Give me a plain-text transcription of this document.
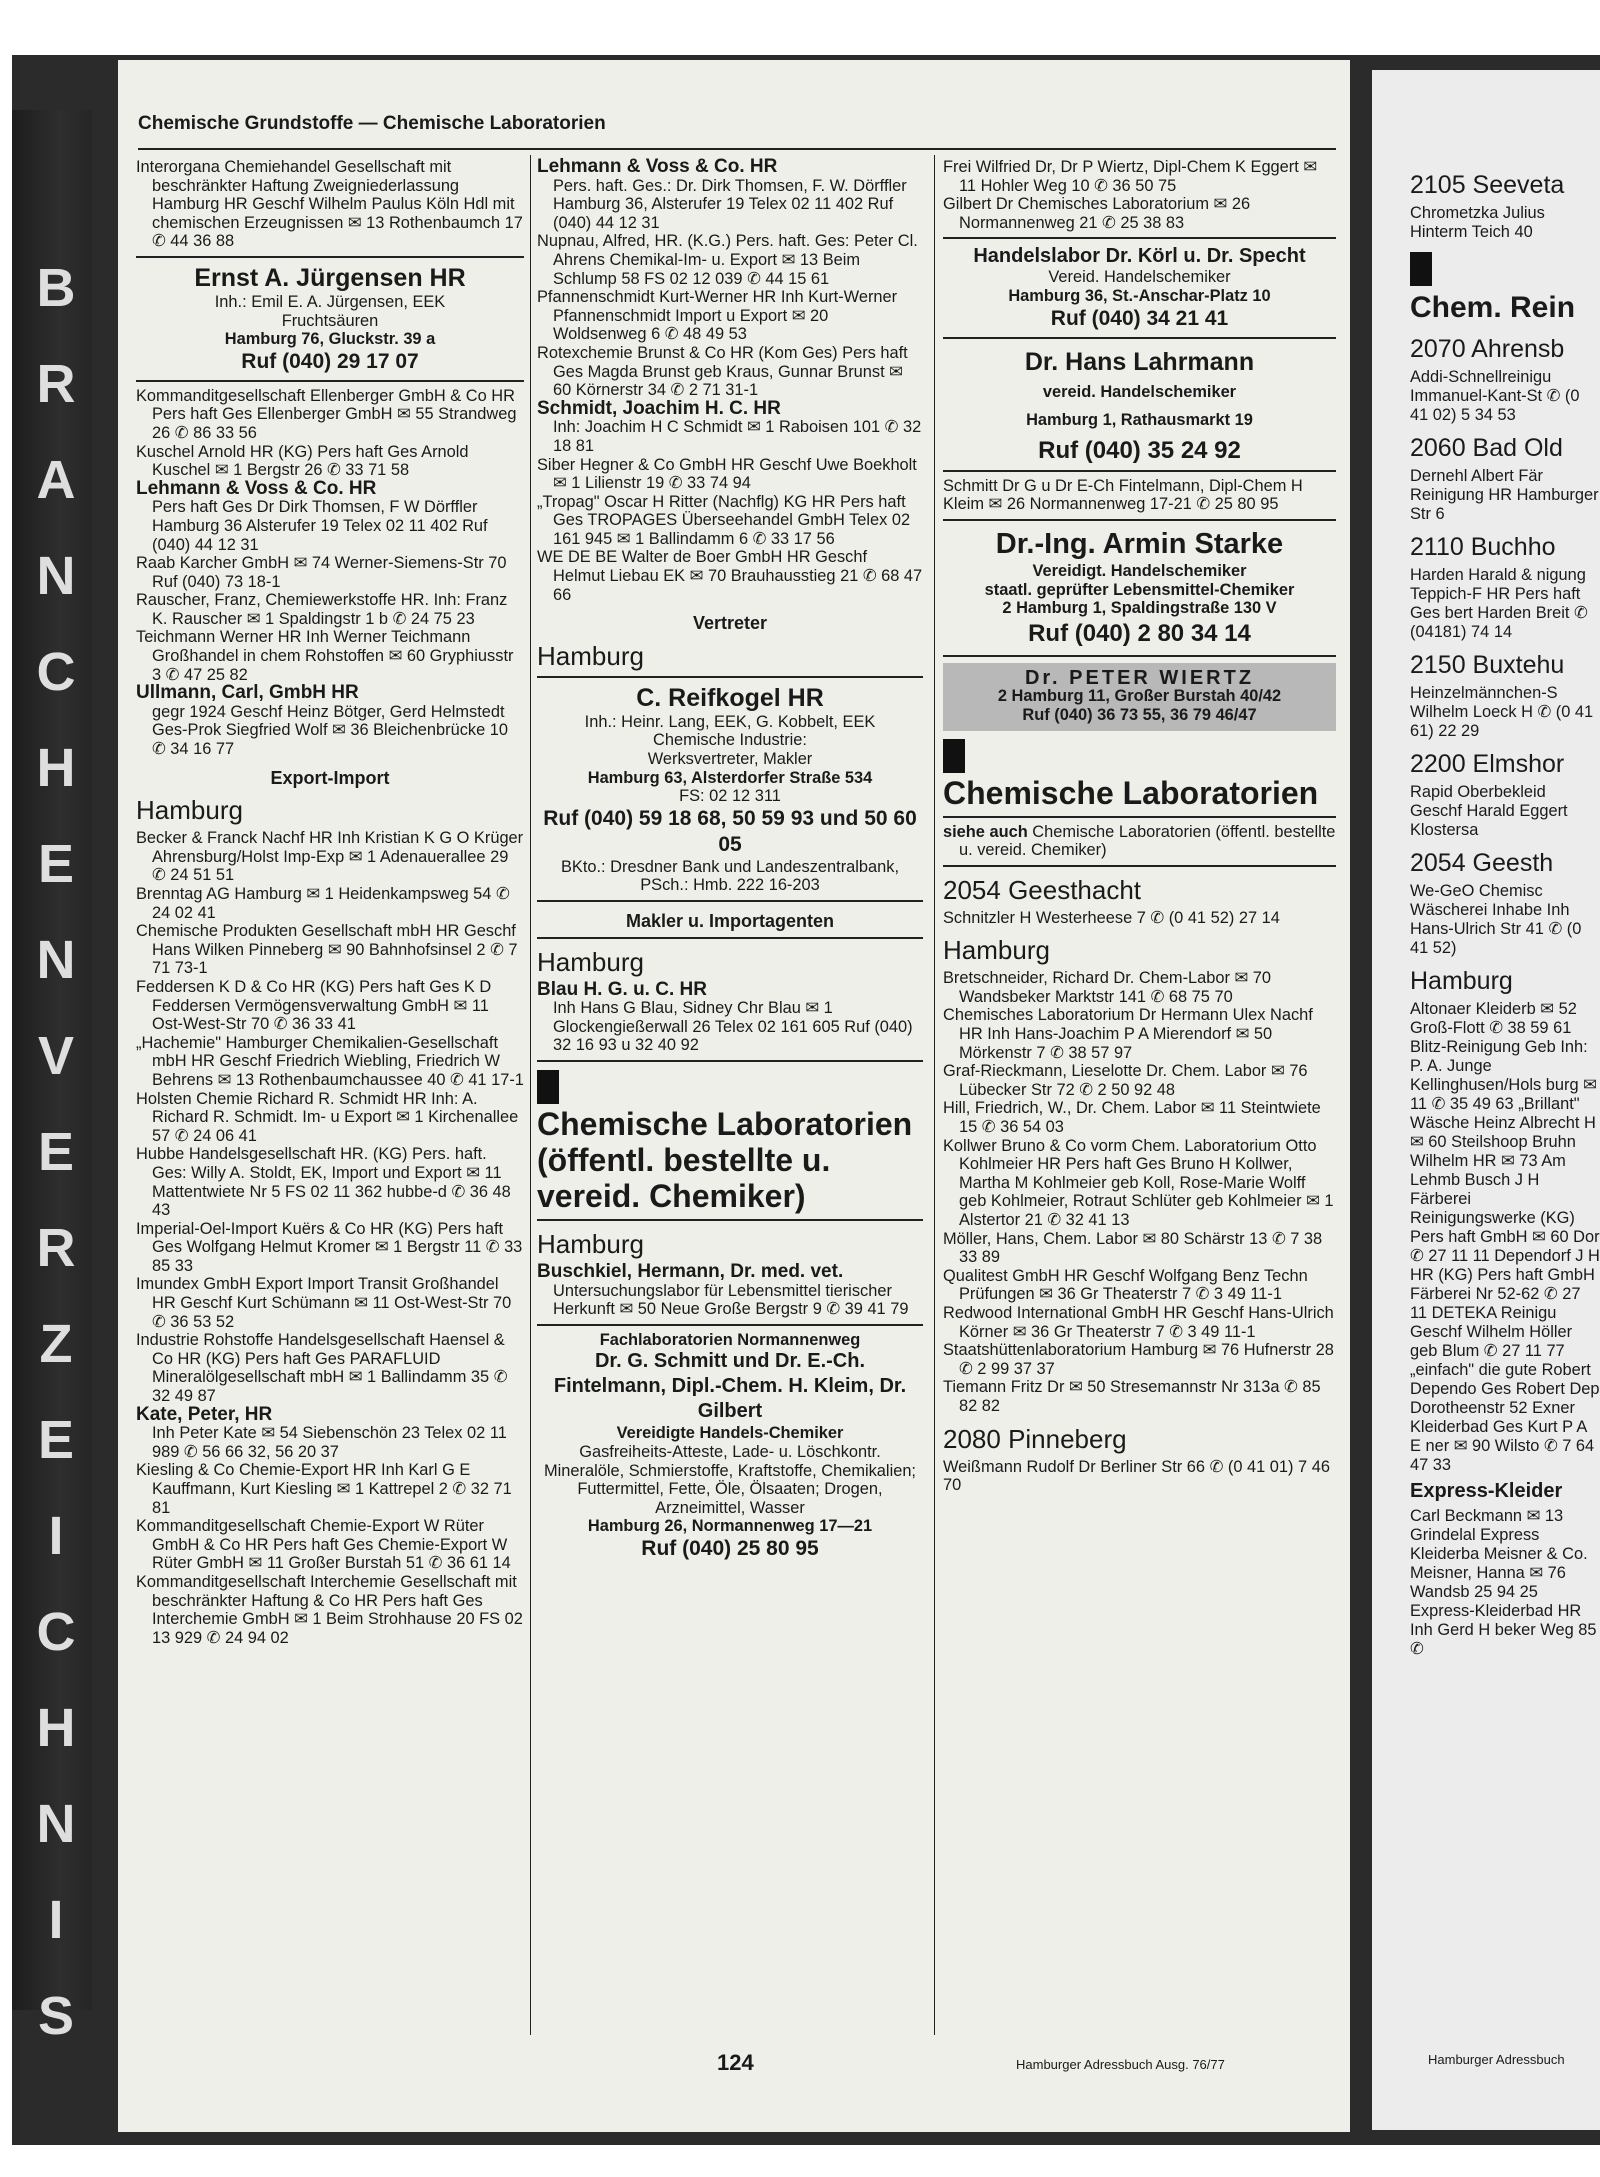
BRANCHENVERZEICHNIS
2105 Seeveta
Chrometzka Julius Hinterm Teich 40
Chem. Rein
2070 Ahrensb
Addi-Schnellreinigu Immanuel-Kant-St ✆ (0 41 02) 5 34 53
2060 Bad Old
Dernehl Albert Fär Reinigung HR Hamburger Str 6
2110 Buchho
Harden Harald & nigung Teppich-F HR Pers haft Ges bert Harden Breit ✆ (04181) 74 14
2150 Buxtehu
Heinzelmännchen-S Wilhelm Loeck H ✆ (0 41 61) 22 29
2200 Elmshor
Rapid Oberbekleid Geschf Harald Eggert Klostersa
2054 Geesth
We-GeO Chemisc Wäscherei Inhabe Inh Hans-Ulrich Str 41 ✆ (0 41 52)
Hamburg
Altonaer Kleiderb ✉ 52 Groß-Flott ✆ 38 59 61 Blitz-Reinigung Geb Inh: P. A. Junge Kellinghusen/Hols burg ✉ 11 ✆ 35 49 63 „Brillant" Wäsche Heinz Albrecht H ✉ 60 Steilshoop Bruhn Wilhelm HR ✉ 73 Am Lehmb Busch J H Färberei Reinigungswerke (KG) Pers haft GmbH ✉ 60 Dor ✆ 27 11 11 Dependorf J H HR (KG) Pers haft GmbH Färberei Nr 52-62 ✆ 27 11 DETEKA Reinigu Geschf Wilhelm Höller geb Blum ✆ 27 11 77 „einfach" die gute Robert Dependo Ges Robert Dep Dorotheenstr 52 Exner Kleiderbad Ges Kurt P A E ner ✉ 90 Wilsto ✆ 7 64 47 33
Express-Kleider
Carl Beckmann ✉ 13 Grindelal Express Kleiderba Meisner & Co. Meisner, Hanna ✉ 76 Wandsb 25 94 25 Express-Kleiderbad HR Inh Gerd H beker Weg 85 ✆
Hamburger Adressbuch
Chemische Grundstoffe — Chemische Laboratorien
Interorgana Chemiehandel Gesellschaft mit beschränkter Haftung Zweigniederlassung Hamburg HR Geschf Wilhelm Paulus Köln Hdl mit chemischen Erzeugnissen ✉ 13 Rothenbaumch 17 ✆ 44 36 88
Ernst A. Jürgensen HR
Inh.: Emil E. A. Jürgensen, EEK
Fruchtsäuren
Hamburg 76, Gluckstr. 39 a
Ruf (040) 29 17 07
Kommanditgesellschaft Ellenberger GmbH & Co HR Pers haft Ges Ellenberger GmbH ✉ 55 Strandweg 26 ✆ 86 33 56
Kuschel Arnold HR (KG) Pers haft Ges Arnold Kuschel ✉ 1 Bergstr 26 ✆ 33 71 58
Lehmann & Voss & Co. HR
Pers haft Ges Dr Dirk Thomsen, F W Dörffler Hamburg 36 Alsterufer 19 Telex 02 11 402 Ruf (040) 44 12 31
Raab Karcher GmbH ✉ 74 Werner-Siemens-Str 70 Ruf (040) 73 18-1
Rauscher, Franz, Chemiewerkstoffe HR. Inh: Franz K. Rauscher ✉ 1 Spaldingstr 1 b ✆ 24 75 23
Teichmann Werner HR Inh Werner Teichmann Großhandel in chem Rohstoffen ✉ 60 Gryphiusstr 3 ✆ 47 25 82
Ullmann, Carl, GmbH HR
gegr 1924 Geschf Heinz Bötger, Gerd Helmstedt Ges-Prok Siegfried Wolf ✉ 36 Bleichenbrücke 10 ✆ 34 16 77
Export-Import
Hamburg
Becker & Franck Nachf HR Inh Kristian K G O Krüger Ahrensburg/Holst Imp-Exp ✉ 1 Adenauerallee 29 ✆ 24 51 51
Brenntag AG Hamburg ✉ 1 Heidenkampsweg 54 ✆ 24 02 41
Chemische Produkten Gesellschaft mbH HR Geschf Hans Wilken Pinneberg ✉ 90 Bahnhofsinsel 2 ✆ 7 71 73-1
Feddersen K D & Co HR (KG) Pers haft Ges K D Feddersen Vermögensverwaltung GmbH ✉ 11 Ost-West-Str 70 ✆ 36 33 41
„Hachemie" Hamburger Chemikalien-Gesellschaft mbH HR Geschf Friedrich Wiebling, Friedrich W Behrens ✉ 13 Rothenbaumchaussee 40 ✆ 41 17-1
Holsten Chemie Richard R. Schmidt HR Inh: A. Richard R. Schmidt. Im- u Export ✉ 1 Kirchenallee 57 ✆ 24 06 41
Hubbe Handelsgesellschaft HR. (KG) Pers. haft. Ges: Willy A. Stoldt, EK, Import und Export ✉ 11 Mattentwiete Nr 5 FS 02 11 362 hubbe-d ✆ 36 48 43
Imperial-Oel-Import Kuërs & Co HR (KG) Pers haft Ges Wolfgang Helmut Kromer ✉ 1 Bergstr 11 ✆ 33 85 33
Imundex GmbH Export Import Transit Großhandel HR Geschf Kurt Schümann ✉ 11 Ost-West-Str 70 ✆ 36 53 52
Industrie Rohstoffe Handelsgesellschaft Haensel & Co HR (KG) Pers haft Ges PARAFLUID Mineralölgesellschaft mbH ✉ 1 Ballindamm 35 ✆ 32 49 87
Kate, Peter, HR
Inh Peter Kate ✉ 54 Siebenschön 23 Telex 02 11 989 ✆ 56 66 32, 56 20 37
Kiesling & Co Chemie-Export HR Inh Karl G E Kauffmann, Kurt Kiesling ✉ 1 Kattrepel 2 ✆ 32 71 81
Kommanditgesellschaft Chemie-Export W Rüter GmbH & Co HR Pers haft Ges Chemie-Export W Rüter GmbH ✉ 11 Großer Burstah 51 ✆ 36 61 14
Kommanditgesellschaft Interchemie Gesellschaft mit beschränkter Haftung & Co HR Pers haft Ges Interchemie GmbH ✉ 1 Beim Strohhause 20 FS 02 13 929 ✆ 24 94 02
Lehmann & Voss & Co. HR
Pers. haft. Ges.: Dr. Dirk Thomsen, F. W. Dörffler Hamburg 36, Alsterufer 19 Telex 02 11 402 Ruf (040) 44 12 31
Nupnau, Alfred, HR. (K.G.) Pers. haft. Ges: Peter Cl. Ahrens Chemikal-Im- u. Export ✉ 13 Beim Schlump 58 FS 02 12 039 ✆ 44 15 61
Pfannenschmidt Kurt-Werner HR Inh Kurt-Werner Pfannenschmidt Import u Export ✉ 20 Woldsenweg 6 ✆ 48 49 53
Rotexchemie Brunst & Co HR (Kom Ges) Pers haft Ges Magda Brunst geb Kraus, Gunnar Brunst ✉ 60 Körnerstr 34 ✆ 2 71 31-1
Schmidt, Joachim H. C. HR
Inh: Joachim H C Schmidt ✉ 1 Raboisen 101 ✆ 32 18 81
Siber Hegner & Co GmbH HR Geschf Uwe Boekholt ✉ 1 Lilienstr 19 ✆ 33 74 94
„Tropag" Oscar H Ritter (Nachflg) KG HR Pers haft Ges TROPAGES Überseehandel GmbH Telex 02 161 945 ✉ 1 Ballindamm 6 ✆ 33 17 56
WE DE BE Walter de Boer GmbH HR Geschf Helmut Liebau EK ✉ 70 Brauhausstieg 21 ✆ 68 47 66
Vertreter
Hamburg
C. Reifkogel HR
Inh.: Heinr. Lang, EEK, G. Kobbelt, EEK
Chemische Industrie:
Werksvertreter, Makler
Hamburg 63, Alsterdorfer Straße 534
FS: 02 12 311
Ruf (040) 59 18 68, 50 59 93 und 50 60 05
BKto.: Dresdner Bank und Landeszentralbank, PSch.: Hmb. 222 16-203
Makler u. Importagenten
Hamburg
Blau H. G. u. C. HR
Inh Hans G Blau, Sidney Chr Blau ✉ 1 Glockengießerwall 26 Telex 02 161 605 Ruf (040) 32 16 93 u 32 40 92
Chemische Laboratorien (öffentl. bestellte u. vereid. Chemiker)
Hamburg
Buschkiel, Hermann, Dr. med. vet.
Untersuchungslabor für Lebensmittel tierischer Herkunft ✉ 50 Neue Große Bergstr 9 ✆ 39 41 79
Fachlaboratorien Normannenweg
Dr. G. Schmitt und Dr. E.-Ch. Fintelmann, Dipl.-Chem. H. Kleim, Dr. Gilbert
Vereidigte Handels-Chemiker
Gasfreiheits-Atteste, Lade- u. Löschkontr. Mineralöle, Schmierstoffe, Kraftstoffe, Chemikalien; Futtermittel, Fette, Öle, Ölsaaten; Drogen, Arzneimittel, Wasser
Hamburg 26, Normannenweg 17—21
Ruf (040) 25 80 95
Frei Wilfried Dr, Dr P Wiertz, Dipl-Chem K Eggert ✉ 11 Hohler Weg 10 ✆ 36 50 75
Gilbert Dr Chemisches Laboratorium ✉ 26 Normannenweg 21 ✆ 25 38 83
Handelslabor Dr. Körl u. Dr. Specht
Vereid. Handelschemiker
Hamburg 36, St.-Anschar-Platz 10
Ruf (040) 34 21 41
Dr. Hans Lahrmann
vereid. Handelschemiker
Hamburg 1, Rathausmarkt 19
Ruf (040) 35 24 92
Schmitt Dr G u Dr E-Ch Fintelmann, Dipl-Chem H Kleim ✉ 26 Normannenweg 17-21 ✆ 25 80 95
Dr.-Ing. Armin Starke
Vereidigt. Handelschemiker
staatl. geprüfter Lebensmittel-Chemiker
2 Hamburg 1, Spaldingstraße 130 V
Ruf (040) 2 80 34 14
Dr. PETER WIERTZ
2 Hamburg 11, Großer Burstah 40/42
Ruf (040) 36 73 55, 36 79 46/47
Chemische Laboratorien
siehe auch Chemische Laboratorien (öffentl. bestellte u. vereid. Chemiker)
2054 Geesthacht
Schnitzler H Westerheese 7 ✆ (0 41 52) 27 14
Hamburg
Bretschneider, Richard Dr. Chem-Labor ✉ 70 Wandsbeker Marktstr 141 ✆ 68 75 70
Chemisches Laboratorium Dr Hermann Ulex Nachf HR Inh Hans-Joachim P A Mierendorf ✉ 50 Mörkenstr 7 ✆ 38 57 97
Graf-Rieckmann, Lieselotte Dr. Chem. Labor ✉ 76 Lübecker Str 72 ✆ 2 50 92 48
Hill, Friedrich, W., Dr. Chem. Labor ✉ 11 Steintwiete 15 ✆ 36 54 03
Kollwer Bruno & Co vorm Chem. Laboratorium Otto Kohlmeier HR Pers haft Ges Bruno H Kollwer, Martha M Kohlmeier geb Koll, Rose-Marie Wolff geb Kohlmeier, Rotraut Schlüter geb Kohlmeier ✉ 1 Alstertor 21 ✆ 32 41 13
Möller, Hans, Chem. Labor ✉ 80 Schärstr 13 ✆ 7 38 33 89
Qualitest GmbH HR Geschf Wolfgang Benz Techn Prüfungen ✉ 36 Gr Theaterstr 7 ✆ 3 49 11-1
Redwood International GmbH HR Geschf Hans-Ulrich Körner ✉ 36 Gr Theaterstr 7 ✆ 3 49 11-1
Staatshüttenlaboratorium Hamburg ✉ 76 Hufnerstr 28 ✆ 2 99 37 37
Tiemann Fritz Dr ✉ 50 Stresemannstr Nr 313a ✆ 85 82 82
2080 Pinneberg
Weißmann Rudolf Dr Berliner Str 66 ✆ (0 41 01) 7 46 70
124	Hamburger Adressbuch Ausg. 76/77
